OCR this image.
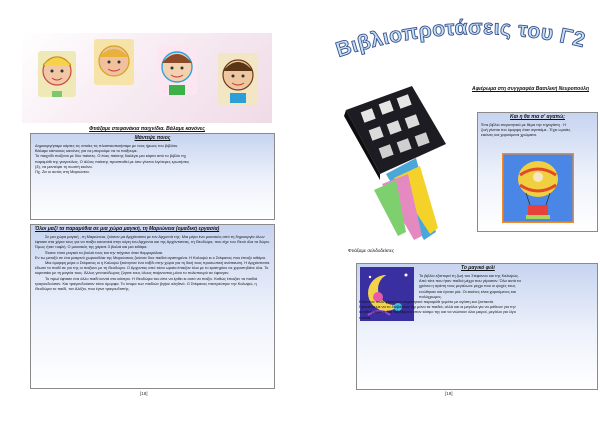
Φτιάξαμε στεφανάκια παιχνίδια. Βάλαμε κανόνες
Μάντεψε ποιος

Δημιουργήσαμε κάρτες τις οποίες τις πλαστικοποιήσαμε με τους ήρωες του βιβλίου.

Βάλαμε κάποιους κανόνες για να μπορούμε να το παίξουμε.

Το παιχνίδι παίζεται με δύο παίκτες. Ο ένας παίκτης διαλέγει μια κάρτα από το βιβλίο πχ

παραμύθι της γιαγιούλας. Ο άλλος παίκτης προσπαθεί με όσο γίνεται λιγότερες ερωτήσεις

(3), να μαντέψει τη σωστή εικόνα.

Πχ. Ζει κι αυτός στη Μαριώνεια.

Όλοι μαζί τα παραμύθια σε μια χώρα μαγική, τη Μαριώνεια (ομαδική εργασία)

Σε μια χώρα μαγική , τη Μαριώνεια, ζούσαν μα Αρχιάνισσα με τον Αρχοντά της. Μια μέρα ένα μουσικός από τη δημιουργία όλων έφτασε στα χέρια τους για να παίξει κανονικά στην κόρη του Αρχοντα και της Αρχόντισσας, τη Θεοδώρα, που είχε του Θεού όλα τα δώρα. Όμως ήταν τυφλή. Ο μουσικός της χάρισε 3 βιολιά και μια κιθάρα.

Έκανε τόσο μαγικά τα βιολιά τους και την πήγαινε όταν θαμμυράλαιε.

Εν τω μεταξύ σε ένα μακρινό χωριουδάκι της Μαριώνειας ζούσαν δυο παιδιά αγαπημένα. Η Καλυψώ κι ο Στέφανος που έπαιζε κιθάρα.

Μια όμορφη μέρα ο Στέφανος κι η Καλυψώ ξεκίνησαν ένα ταξίδι στην χώρα για τη δική τους προσωπική ανάπαυση. Η Αρχιάντισσα έδωσε το παιδί σε γιο της οι παίζουν με τη Θεοδώρα. Ο Αρχοντας από τόσο ωραία έπαιζαν όλοι με το κρατηρίου να χοροπηδάνε όλα. Το κοριτσάκι με τη μαγεία τους. Άλλος γενναιόδωρος ζύγισε τους όλους παίρνοντας μόνο το πολυπουρό αν έφευγαν.

Το πρωί έφτασε ένα άλλο παιδί κοντά στο κάστρο. Η Θεοδώρα του είπε να έρθει κι αυτό να παίζει. Καθώς έπαιζαν τα παιδιά τραγουδούσαν. Και τραγουδούσαν τόσο όμορφα. Το όνομα των παιδιών βγήκε αληθινό. Ο Στέφανος παντρεύτηκε την Καλυψώ, η Θεοδώρα το παιδί, τον Αλέξιο, που έγινε τραγουδιστής.

[18]
Βιβλιοπροτάσεις του Γ2
Αφιέρωμα στη συγγραφέα Βασιλική Νευροπούλη
Φτιάξαμε σελιδοδείκτες
Και η θα πια σ' αγαπώ;

Ένα βιβλίο συγκινητικό με θέμα την τηγαγάπη . Η

ζωή γίνεται πιο όμορφη όταν αγαπάμε.. Έχει ωραίες

εικόνες και χαρούμενα χρώματα.

Το μαγικό φιλί

Το βιβλίο εξιστορεί τη ζωή του Στέφανου και της Καλυψώς.

Από τότε που ήταν παιδιά μέχρι που γέρασαν. Όλα αυτά τα

χρόνια η αγάπη τους μεγάλωνε μέχρι που οι ψυχές τους

ενώθηκαν και έγιναν μία. Οι εικόνες είναι χαρούμενες και

πολύχρωμες.

Είναι ένα πολύ γλυκό και συγκινητικό παραμύθι γεμάτο με αγάπη και ζεστασιά.

Προτείνουμε να το διαβάσουν όχι μόνο τα παιδιά, αλλά και οι μεγάλοι για να μάθουν για την

αληθινή αγάπη. Να ταξιδέψουν στον κόσμο της και να νιώσουν όλοι μικροί, μεγάλοι για λίγο

παιδιά.

[19]
